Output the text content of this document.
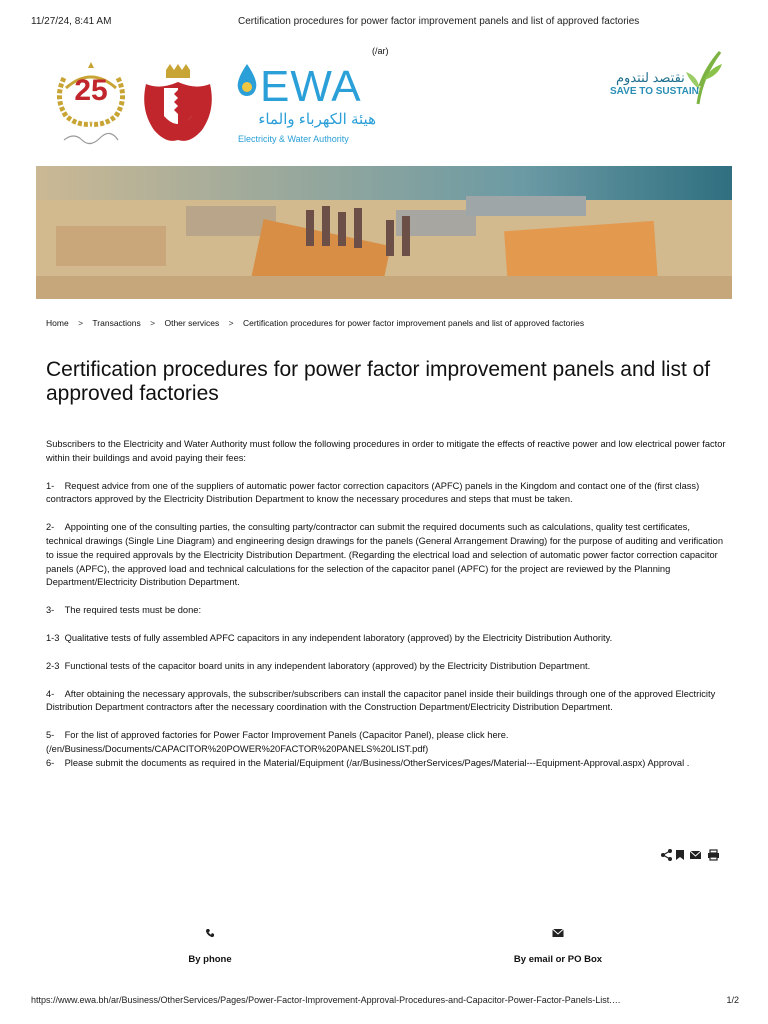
11/27/24, 8:41 AM	Certification procedures for power factor improvement panels and list of approved factories
25	EWA
هيئة الكهرباء والماء
Electricity & Water Authority
(/ar)
نقتصد لنتدوم
SAVE TO SUSTAIN
Home > Transactions > Other services > Certification procedures for power factor improvement panels and list of approved factories
Certification procedures for power factor improvement panels and list of approved factories

Subscribers to the Electricity and Water Authority must follow the following procedures in order to mitigate the effects of reactive power and low electrical power factor within their buildings and avoid paying their fees:

1-    Request advice from one of the suppliers of automatic power factor correction capacitors (APFC) panels in the Kingdom and contact one of the (first class) contractors approved by the Electricity Distribution Department to know the necessary procedures and steps that must be taken.

2-    Appointing one of the consulting parties, the consulting party/contractor can submit the required documents such as calculations, quality test certificates, technical drawings (Single Line Diagram) and engineering design drawings for the panels (General Arrangement Drawing) for the purpose of auditing and verification to issue the required approvals by the Electricity Distribution Department. (Regarding the electrical load and selection of automatic power factor correction capacitor panels (APFC), the approved load and technical calculations for the selection of the capacitor panel (APFC) for the project are reviewed by the Planning Department/Electricity Distribution Department.

3-    The required tests must be done:

1-3  Qualitative tests of fully assembled APFC capacitors in any independent laboratory (approved) by the Electricity Distribution Authority.

2-3  Functional tests of the capacitor board units in any independent laboratory (approved) by the Electricity Distribution Department.

4-    After obtaining the necessary approvals, the subscriber/subscribers can install the capacitor panel inside their buildings through one of the approved Electricity Distribution Department contractors after the necessary coordination with the Construction Department/Electricity Distribution Department.

5-    For the list of approved factories for Power Factor Improvement Panels (Capacitor Panel), please click here. (/en/Business/Documents/CAPACITOR%20POWER%20FACTOR%20PANELS%20LIST.pdf)

6-    Please submit the documents as required in the Material/Equipment (/ar/Business/OtherServices/Pages/Material---Equipment-Approval.aspx) Approval .

By phone	By email or PO Box
https://www.ewa.bh/ar/Business/OtherServices/Pages/Power-Factor-Improvement-Approval-Procedures-and-Capacitor-Power-Factor-Panels-List.…	1/2
